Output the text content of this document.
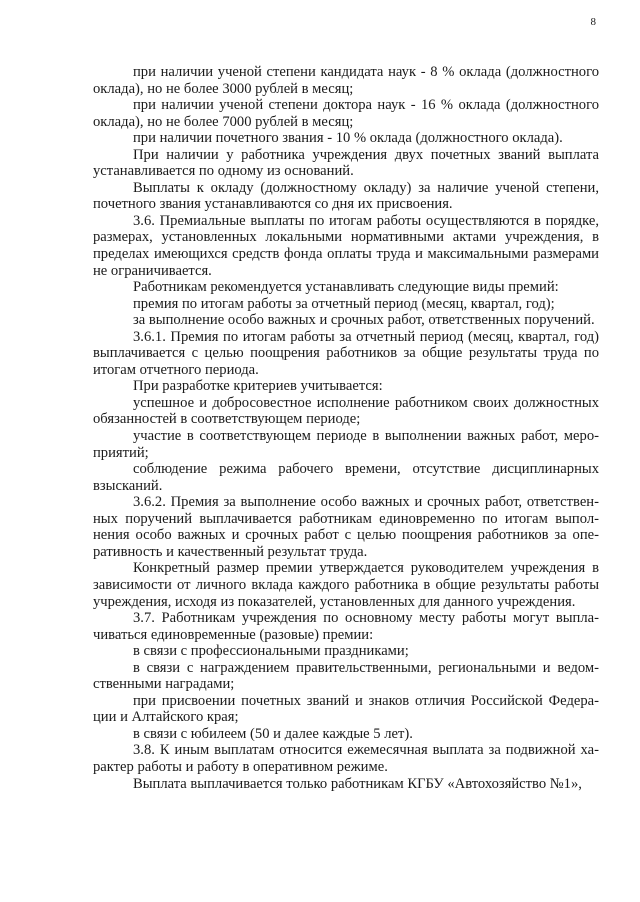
8

при наличии ученой степени кандидата наук - 8 % оклада (должностного оклада), но не более 3000 рублей в месяц;

при наличии ученой степени доктора наук - 16 % оклада (должностного оклада), но не более 7000 рублей в месяц;

при наличии почетного звания - 10 % оклада (должностного оклада).

При наличии у работника учреждения двух почетных званий выплата устанавливается по одному из оснований.

Выплаты к окладу (должностному окладу) за наличие ученой степени, почетного звания устанавливаются со дня их присвоения.

3.6. Премиальные выплаты по итогам работы осуществляются в порядке, размерах, установленных локальными нормативными актами учреждения, в пределах имеющихся средств фонда оплаты труда и максимальными размерами не ограничивается.

Работникам рекомендуется устанавливать следующие виды премий:

премия по итогам работы за отчетный период (месяц, квартал, год);

за выполнение особо важных и срочных работ, ответственных поручений.

3.6.1. Премия по итогам работы за отчетный период (месяц, квартал, год) выплачивается с целью поощрения работников за общие результаты труда по итогам отчетного периода.

При разработке критериев учитывается:

успешное и добросовестное исполнение работником своих должностных обязанностей в соответствующем периоде;

участие в соответствующем периоде в выполнении важных работ, мероприятий;

соблюдение режима рабочего времени, отсутствие дисциплинарных взысканий.

3.6.2. Премия за выполнение особо важных и срочных работ, ответственных поручений выплачивается работникам единовременно по итогам выполнения особо важных и срочных работ с целью поощрения работников за оперативность и качественный результат труда.

Конкретный размер премии утверждается руководителем учреждения в зависимости от личного вклада каждого работника в общие результаты работы учреждения, исходя из показателей, установленных для данного учреждения.

3.7. Работникам учреждения по основному месту работы могут выплачиваться единовременные (разовые) премии:

в связи с профессиональными праздниками;

в связи с награждением правительственными, региональными и ведомственными наградами;

при присвоении почетных званий и знаков отличия Российской Федерации и Алтайского края;

в связи с юбилеем (50 и далее каждые 5 лет).

3.8. К иным выплатам относится ежемесячная выплата за подвижной характер работы и работу в оперативном режиме.

Выплата выплачивается только работникам КГБУ «Автохозяйство №1»,
